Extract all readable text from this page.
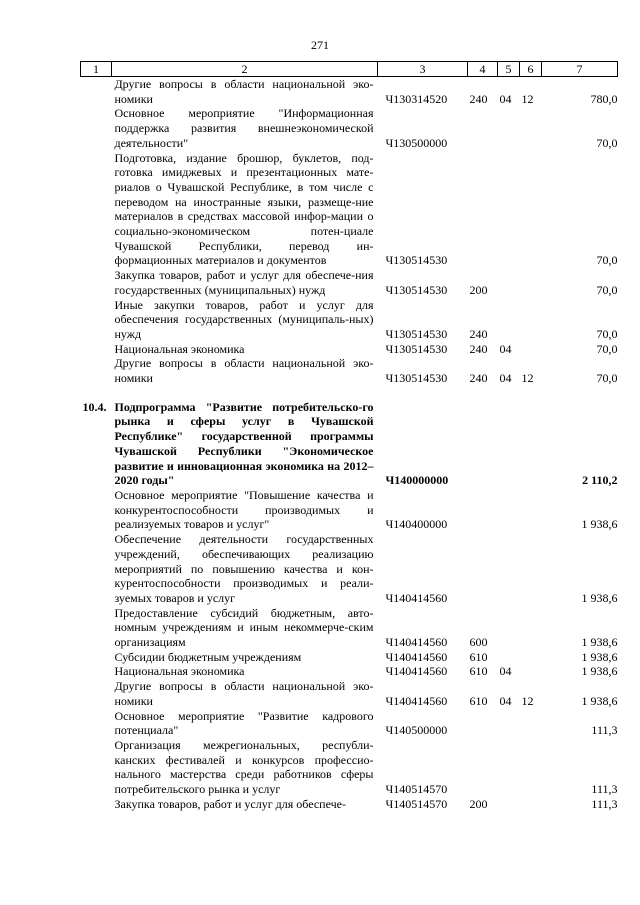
271
1	2	3	4	5	6	7
	Другие вопросы в области национальной эко-номики	Ч130314520	240	04	12	780,0
	Основное мероприятие "Информационная поддержка развития внешнеэкономической деятельности"	Ч130500000				70,0
	Подготовка, издание брошюр, буклетов, под-готовка имиджевых и презентационных мате-риалов о Чувашской Республике, в том числе с переводом на иностранные языки, размеще-ние материалов в средствах массовой инфор-мации о социально-экономическом потен-циале Чувашской Республики, перевод ин-формационных материалов и документов	Ч130514530				70,0
	Закупка товаров, работ и услуг для обеспече-ния государственных (муниципальных) нужд	Ч130514530	200			70,0
	Иные закупки товаров, работ и услуг для обеспечения государственных (муниципаль-ных) нужд	Ч130514530	240			70,0
	Национальная экономика	Ч130514530	240	04		70,0
	Другие вопросы в области национальной эко-номики	Ч130514530	240	04	12	70,0

10.4.	Подпрограмма "Развитие потребительско-го рынка и сферы услуг в Чувашской Республике" государственной программы Чувашской Республики "Экономическое развитие и инновационная экономика на 2012–2020 годы"	Ч140000000				2 110,2
	Основное мероприятие "Повышение качества и конкурентоспособности производимых и реализуемых товаров и услуг"	Ч140400000				1 938,6
	Обеспечение деятельности государственных учреждений, обеспечивающих реализацию мероприятий по повышению качества и кон-курентоспособности производимых и реали-зуемых товаров и услуг	Ч140414560				1 938,6
	Предоставление субсидий бюджетным, авто-номным учреждениям и иным некоммерче-ским организациям	Ч140414560	600			1 938,6
	Субсидии бюджетным учреждениям	Ч140414560	610			1 938,6
	Национальная экономика	Ч140414560	610	04		1 938,6
	Другие вопросы в области национальной эко-номики	Ч140414560	610	04	12	1 938,6
	Основное мероприятие "Развитие кадрового потенциала"	Ч140500000				111,3
	Организация межрегиональных, республи-канских фестивалей и конкурсов профессио-нального мастерства среди работников сферы потребительского рынка и услуг	Ч140514570				111,3
	Закупка товаров, работ и услуг для обеспече-	Ч140514570	200			111,3
